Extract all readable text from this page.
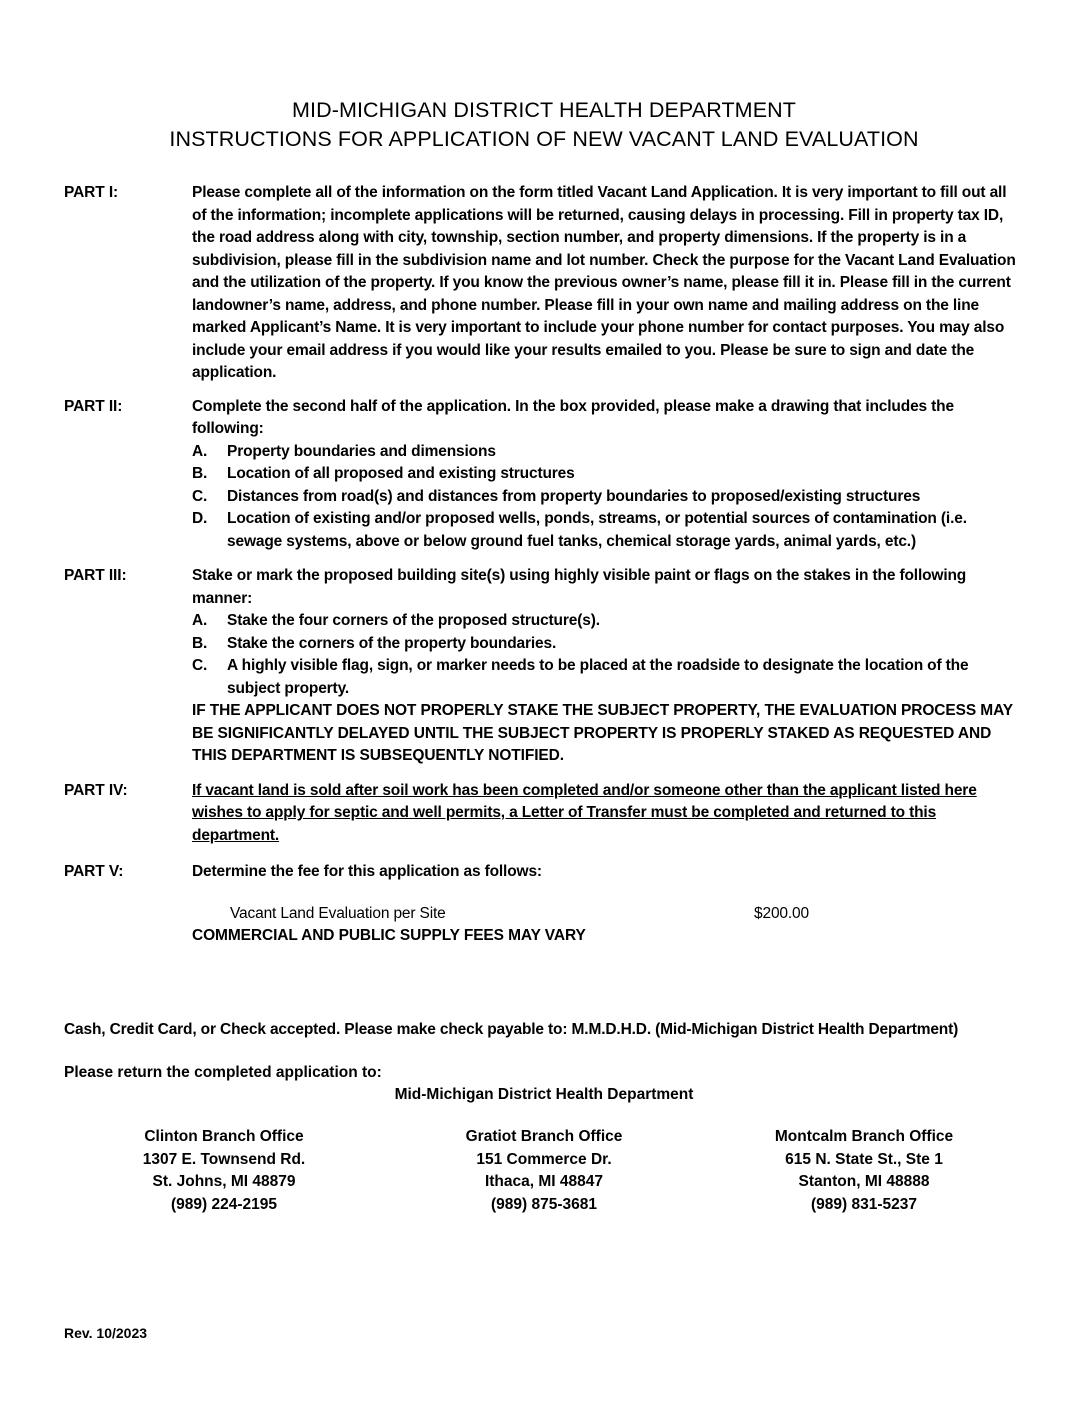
MID-MICHIGAN DISTRICT HEALTH DEPARTMENT
INSTRUCTIONS FOR APPLICATION OF NEW VACANT LAND EVALUATION
PART I:	Please complete all of the information on the form titled Vacant Land Application. It is very important to fill out all of the information; incomplete applications will be returned, causing delays in processing. Fill in property tax ID, the road address along with city, township, section number, and property dimensions. If the property is in a subdivision, please fill in the subdivision name and lot number. Check the purpose for the Vacant Land Evaluation and the utilization of the property. If you know the previous owner’s name, please fill it in. Please fill in the current landowner’s name, address, and phone number. Please fill in your own name and mailing address on the line marked Applicant’s Name. It is very important to include your phone number for contact purposes. You may also include your email address if you would like your results emailed to you. Please be sure to sign and date the application.

PART II:	Complete the second half of the application. In the box provided, please make a drawing that includes the following:

A.	Property boundaries and dimensions
B.	Location of all proposed and existing structures
C.	Distances from road(s) and distances from property boundaries to proposed/existing structures
D.	Location of existing and/or proposed wells, ponds, streams, or potential sources of contamination (i.e. sewage systems, above or below ground fuel tanks, chemical storage yards, animal yards, etc.)
PART III:	Stake or mark the proposed building site(s) using highly visible paint or flags on the stakes in the following manner:

A.	Stake the four corners of the proposed structure(s).
B.	Stake the corners of the property boundaries.
C.	A highly visible flag, sign, or marker needs to be placed at the roadside to designate the location of the subject property.

IF THE APPLICANT DOES NOT PROPERLY STAKE THE SUBJECT PROPERTY, THE EVALUATION PROCESS MAY BE SIGNIFICANTLY DELAYED UNTIL THE SUBJECT PROPERTY IS PROPERLY STAKED AS REQUESTED AND THIS DEPARTMENT IS SUBSEQUENTLY NOTIFIED.

PART IV:	If vacant land is sold after soil work has been completed and/or someone other than the applicant listed here wishes to apply for septic and well permits, a Letter of Transfer must be completed and returned to this department.

PART V:	Determine the fee for this application as follows:

Vacant Land Evaluation per Site	$200.00

COMMERCIAL AND PUBLIC SUPPLY FEES MAY VARY

Cash, Credit Card, or Check accepted. Please make check payable to: M.M.D.H.D. (Mid-Michigan District Health Department)
Please return the completed application to:
Mid-Michigan District Health Department
Clinton Branch Office
1307 E. Townsend Rd.
St. Johns, MI 48879
(989) 224-2195
Gratiot Branch Office
151 Commerce Dr.
Ithaca, MI 48847
(989) 875-3681
Montcalm Branch Office
615 N. State St., Ste 1
Stanton, MI 48888
(989) 831-5237
Rev. 10/2023
